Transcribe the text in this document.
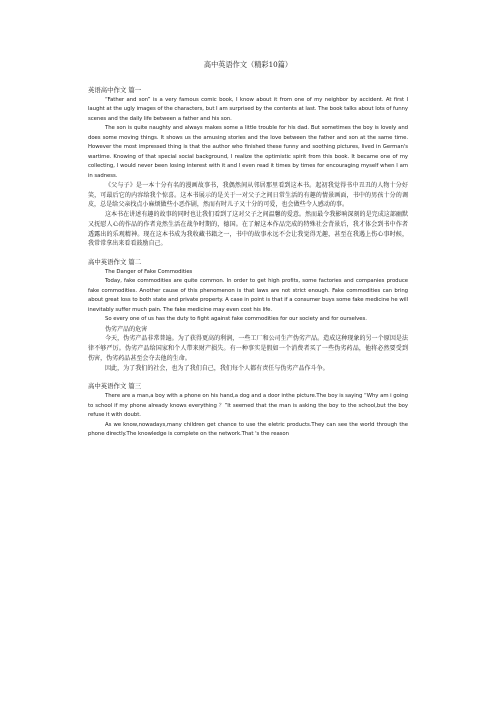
高中英语作文（精彩10篇）
英语高中作文 篇一

“Father and son” is a very famous comic book, I know about it from one of my neighbor by accident. At first I laught at the ugly images of the characters, but I am surprised by the contents at last. The book talks about lots of funny scenes and the daily life between a father and his son.

The son is quite naughty and always makes some a little trouble for his dad. But sometimes the boy is lovely and does some moving things. It shows us the amusing stories and the love between the father and son at the same time. However the most impressed thing is that the author who finished these funny and soothing pictures, lived in German's wartime. Knowing of that special social background, I realize the optimistic spirit from this book. It became one of my collecting, I would never been losing interest with it and I even read it times by times for encouraging myself when I am in sadness.

《父与子》是一本十分有名的漫画故事书，我偶然间从邻居那里看到这本书。起初我觉得书中丑丑的人物十分好笑，可最后它的内容给我个惊喜。这本书展示的是关于一对父子之间日常生活的有趣的情景画面，书中的男孩十分的调皮，总是给父亲找点小麻烦做些小恶作剧，然而有时儿子又十分的可爱，也会做些令人感动的事。

这本书在讲述有趣的故事的同时也让我们看到了这对父子之间温馨的爱意。然而最令我影响深刻的是完成这部幽默又抚慰人心的作品的作者竟然生活在战争时期的，德国。在了解这本作品完成的特殊社会背景后，我才体会到书中作者透露出的乐观精神。现在这本书成为我收藏书籍之一，书中的故事永远不会让我觉得无趣，甚至在我遇上伤心事时候，我常常拿出来看看鼓励自己。

高中英语作文 篇二

The Danger of Fake Commodities

Today, fake commodities are quite common. In order to get high profits, some factories and companies produce fake commodities. Another cause of this phenomenon is that laws are not strict enough. Fake commodities can bring about great loss to both state and private property. A case in point is that if a consumer buys some fake medicine he will inevitably suffer much pain. The fake medicine may even cost his life.

So every one of us has the duty to fight against fake commodities for our society and for ourselves.

伪劣产品的危害

今天，伪劣产品非常普遍。为了获得更高的利润，一些工厂和公司生产伪劣产品。造成这种现象的另一个原因是法律不够严厉。伪劣产品给国家和个人带来财产损失。有一种事实是假如一个消费者买了一些伪劣药品，他将必然要受到伤害，伪劣药品甚至会夺去他的生命。

因此，为了我们的社会，也为了我们自己，我们每个人都有责任与伪劣产品作斗争。

高中英语作文 篇三

There are a man,a boy with a phone on his hand,a dog and a door inthe picture.The boy is saying “Why am i going to school if my phone already knows everything ？”It seemed that the man is asking the boy to the school,but the boy refuse it with doubt.

As we know,nowadays,many children get chance to use the eletric products.They can see the world through the phone directly.The knowledge is complete on the network.That 's the reason
